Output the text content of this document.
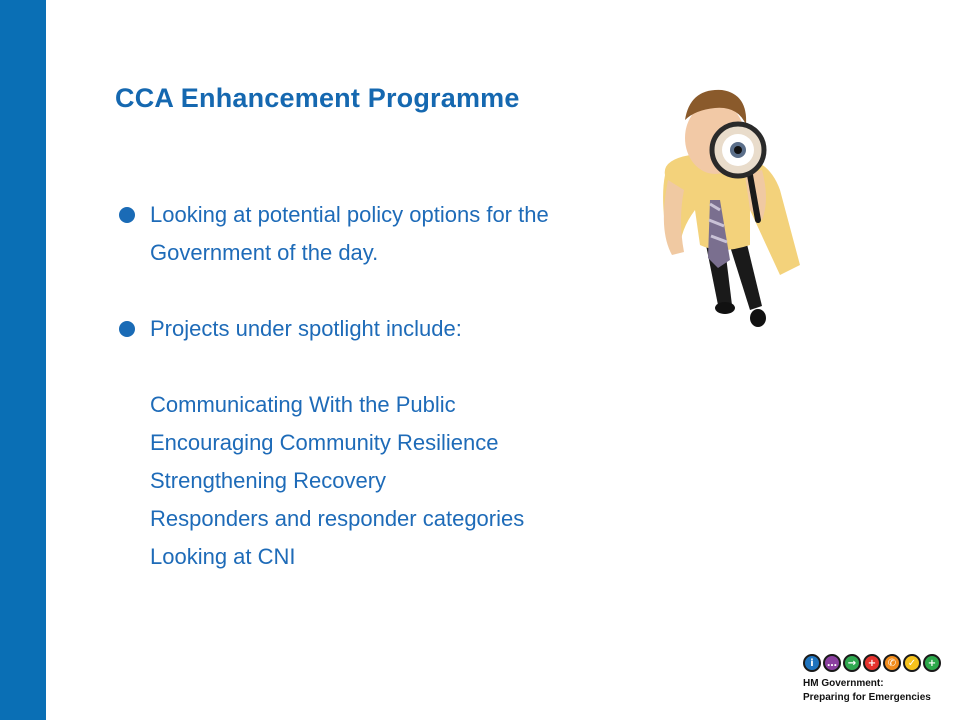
CCA Enhancement Programme

Looking at potential policy options for the Government of the day.

Projects under spotlight include:

Communicating With the Public
Encouraging Community Resilience
Strengthening Recovery
Responders and responder categories
Looking at CNI
i	…	→	+	✆	✓	+
HM Government:
Preparing for Emergencies
